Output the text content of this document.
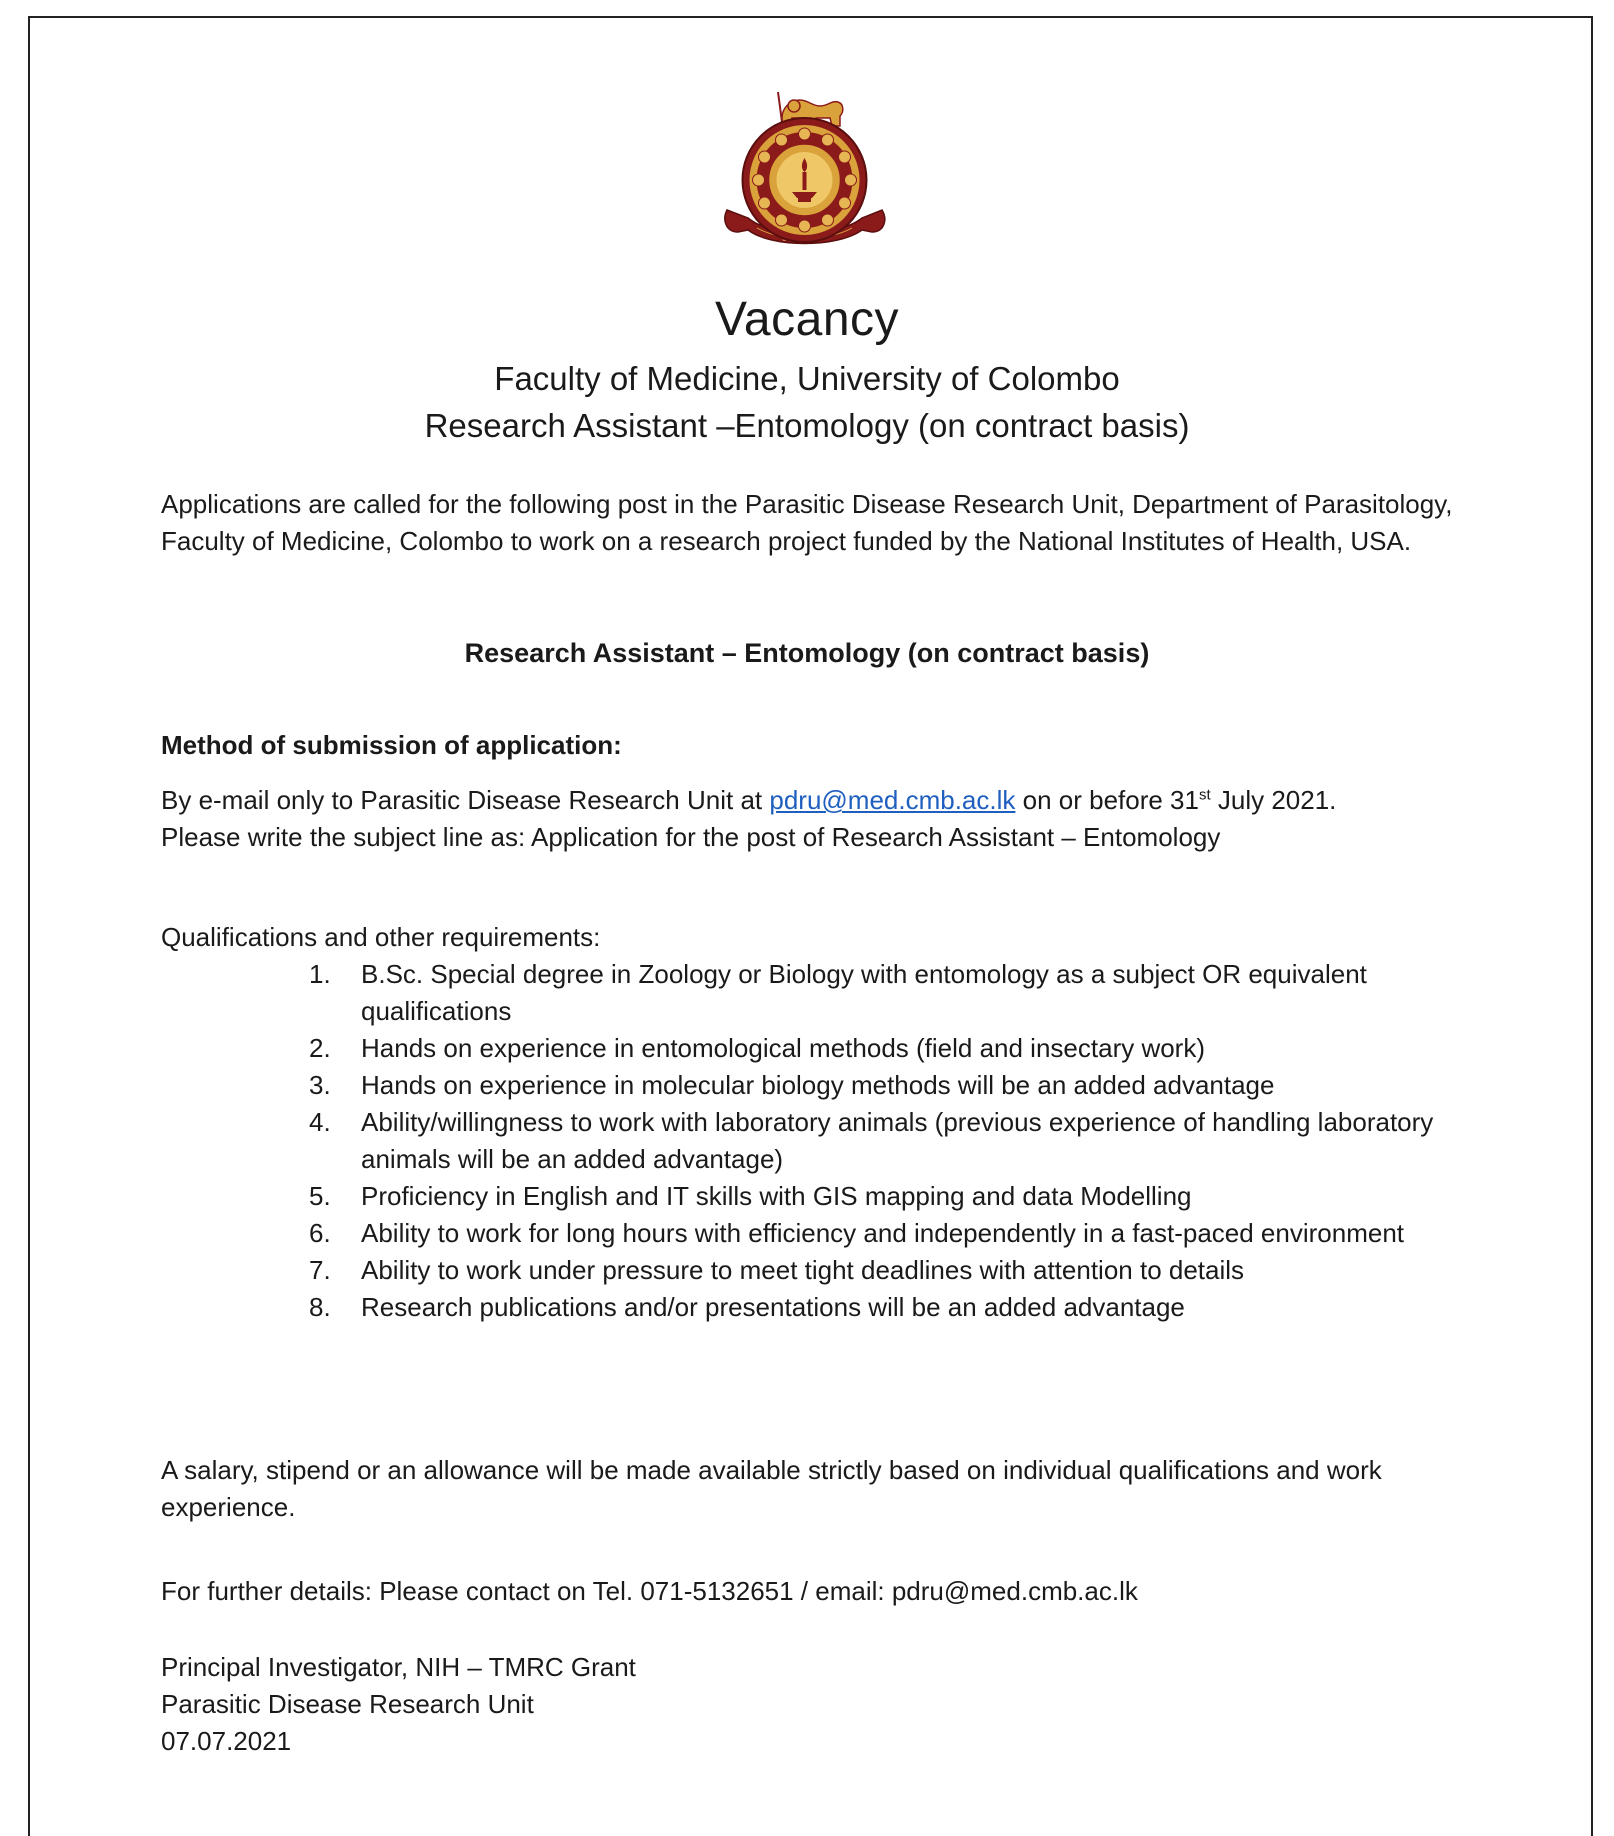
Vacancy
Faculty of Medicine, University of Colombo
Research Assistant –Entomology (on contract basis)

Applications are called for the following post in the Parasitic Disease Research Unit, Department of Parasitology, Faculty of Medicine, Colombo to work on a research project funded by the National Institutes of Health, USA.

Research Assistant – Entomology (on contract basis)
Method of submission of application:

By e-mail only to Parasitic Disease Research Unit at pdru@med.cmb.ac.lk on or before 31st July 2021.

Please write the subject line as: Application for the post of Research Assistant – Entomology

Qualifications and other requirements:

1.	B.Sc. Special degree in Zoology or Biology with entomology as a subject OR equivalent qualifications
2.	Hands on experience in entomological methods (field and insectary work)
3.	Hands on experience in molecular biology methods will be an added advantage
4.	Ability/willingness to work with laboratory animals (previous experience of handling laboratory animals will be an added advantage)
5.	Proficiency in English and IT skills with GIS mapping and data Modelling
6.	Ability to work for long hours with efficiency and independently in a fast-paced environment
7.	Ability to work under pressure to meet tight deadlines with attention to details
8.	Research publications and/or presentations will be an added advantage

A salary, stipend or an allowance will be made available strictly based on individual qualifications and work experience.

For further details: Please contact on Tel. 071-5132651 / email: pdru@med.cmb.ac.lk

Principal Investigator, NIH – TMRC Grant
Parasitic Disease Research Unit
07.07.2021
